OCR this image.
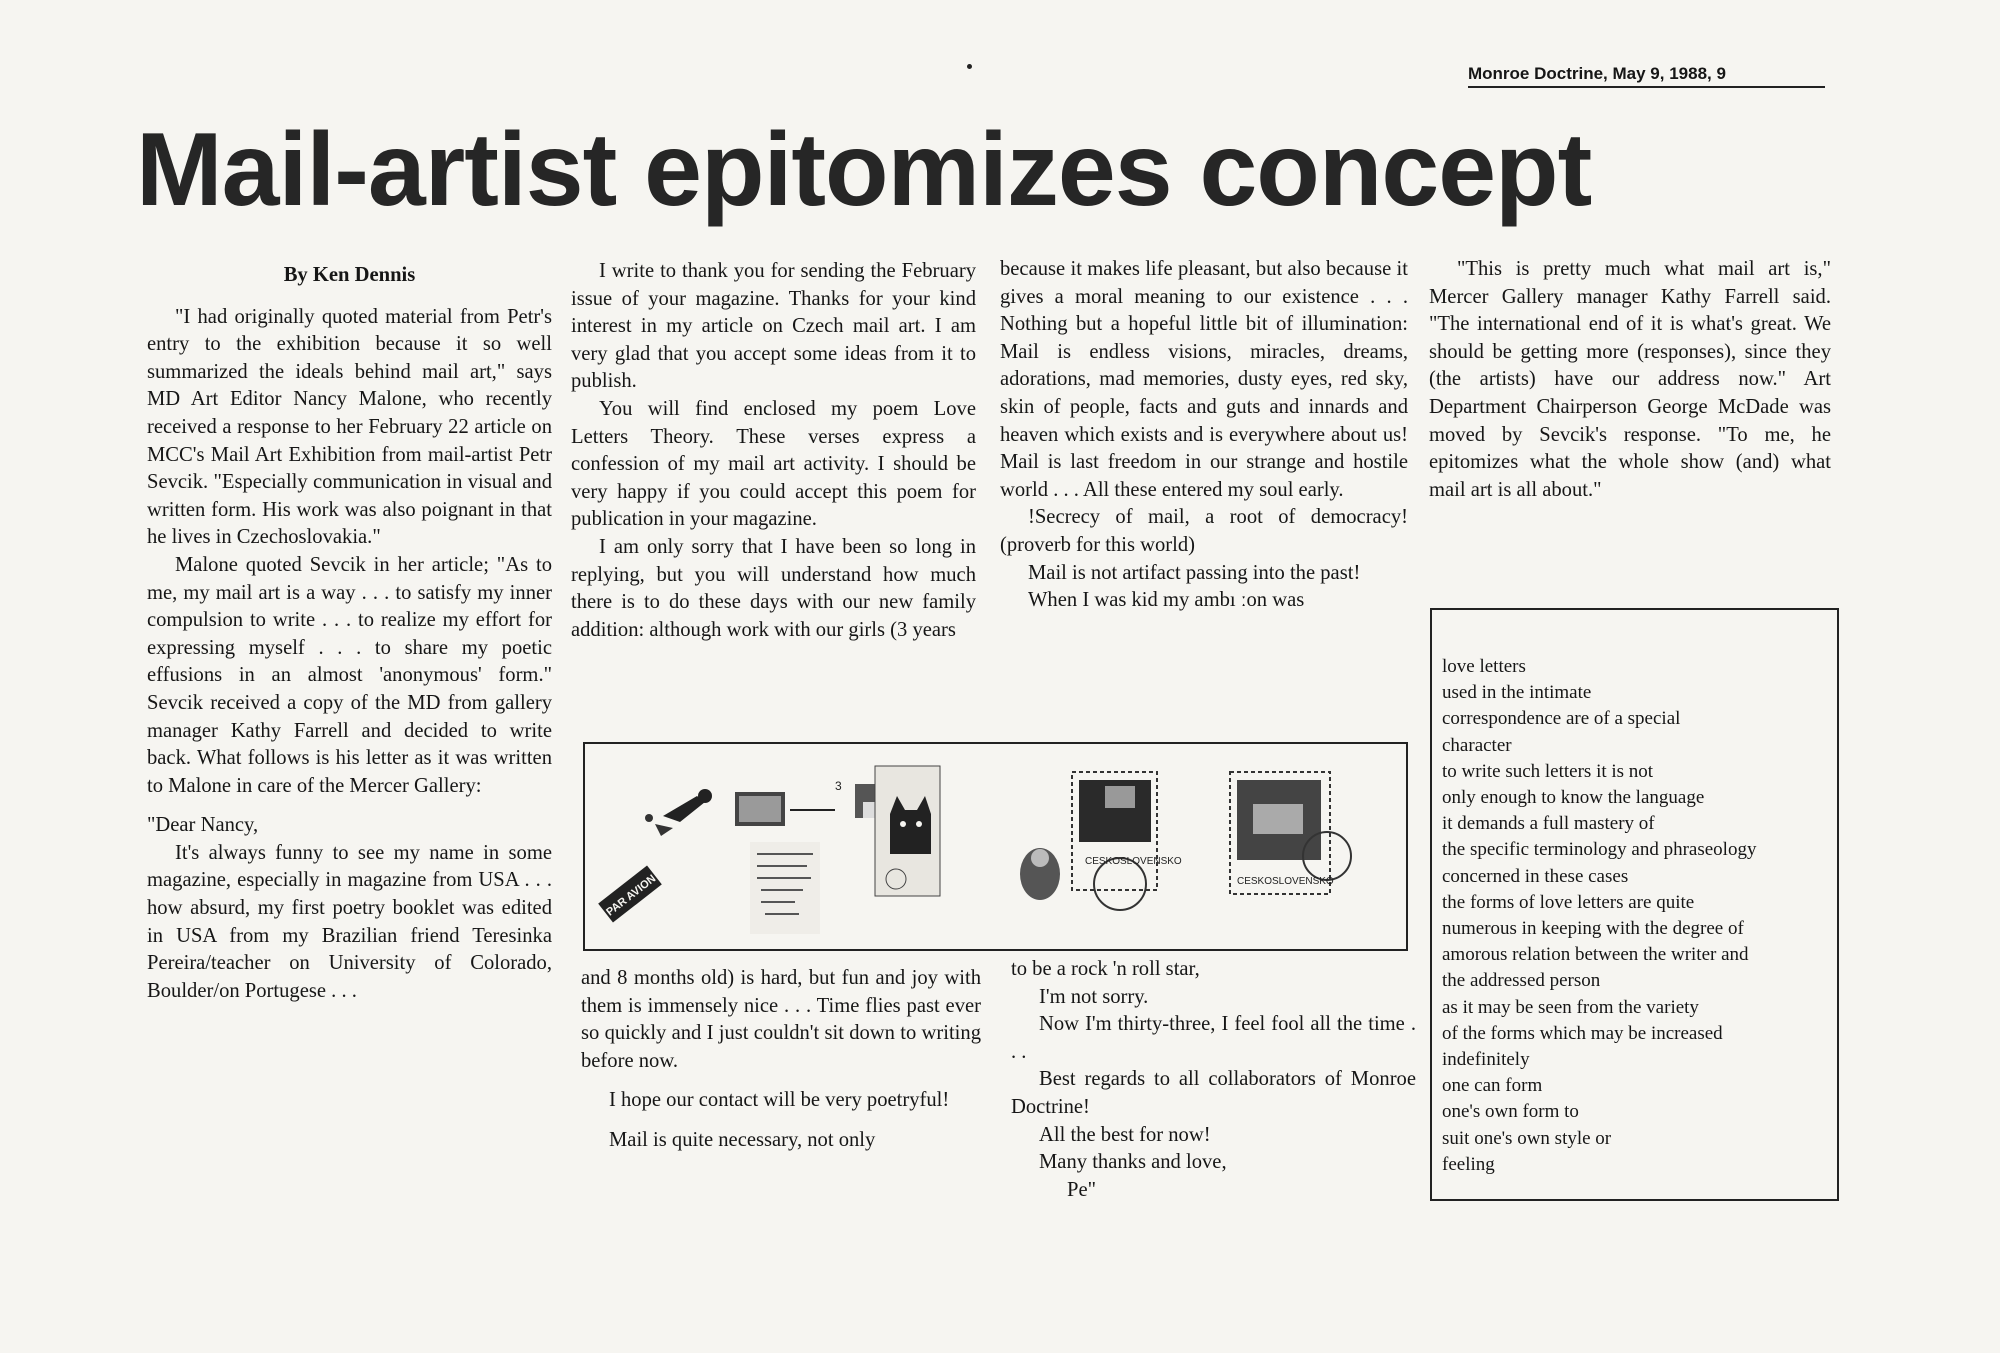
Monroe Doctrine, May 9, 1988, 9
Mail-artist epitomizes concept

By Ken Dennis

"I had originally quoted material from Petr's entry to the exhibition because it so well summarized the ideals behind mail art," says MD Art Editor Nancy Malone, who recently received a response to her February 22 article on MCC's Mail Art Exhibition from mail-artist Petr Sevcik. "Especially communication in visual and written form. His work was also poignant in that he lives in Czechoslovakia."

Malone quoted Sevcik in her article; "As to me, my mail art is a way . . . to satisfy my inner compulsion to write . . . to realize my effort for expressing myself . . . to share my poetic effusions in an almost 'anonymous' form." Sevcik received a copy of the MD from gallery manager Kathy Farrell and decided to write back. What follows is his letter as it was written to Malone in care of the Mercer Gallery:

"Dear Nancy,

It's always funny to see my name in some magazine, especially in magazine from USA . . . how absurd, my first poetry booklet was edited in USA from my Brazilian friend Teresinka Pereira/teacher on University of Colorado, Boulder/on Portugese . . .

I write to thank you for sending the February issue of your magazine. Thanks for your kind interest in my article on Czech mail art. I am very glad that you accept some ideas from it to publish.

You will find enclosed my poem Love Letters Theory. These verses express a confession of my mail art activity. I should be very happy if you could accept this poem for publication in your magazine.

I am only sorry that I have been so long in replying, but you will understand how much there is to do these days with our new family addition: although work with our girls (3 years

because it makes life pleasant, but also because it gives a moral meaning to our existence . . . Nothing but a hopeful little bit of illumination: Mail is endless visions, miracles, dreams, adorations, mad memories, dusty eyes, red sky, skin of people, facts and guts and innards and heaven which exists and is everywhere about us! Mail is last freedom in our strange and hostile world . . . All these entered my soul early.

!Secrecy of mail, a root of democracy! (proverb for this world)

Mail is not artifact passing into the past!

When I was kid my ambı ːon was

PAR AVION
3
CESKOSLOVENSKO
CESKOSLOVENSKO

and 8 months old) is hard, but fun and joy with them is immensely nice . . . Time flies past ever so quickly and I just couldn't sit down to writing before now.

I hope our contact will be very poetryful!

Mail is quite necessary, not only

to be a rock 'n roll star,

I'm not sorry.

Now I'm thirty-three, I feel fool all the time . . .

Best regards to all collaborators of Monroe Doctrine!

All the best for now!

Many thanks and love,

Pe"

"This is pretty much what mail art is," Mercer Gallery manager Kathy Farrell said. "The international end of it is what's great. We should be getting more (responses), since they (the artists) have our address now." Art Department Chairperson George McDade was moved by Sevcik's response. "To me, he epitomizes what the whole show (and) what mail art is all about."

love letters
used in the intimate
correspondence are of a special
character
to write such letters it is not
only enough to know the language
it demands a full mastery of
the specific terminology and phraseology
concerned in these cases
the forms of love letters are quite
numerous in keeping with the degree of
amorous relation between the writer and
the addressed person
as it may be seen from the variety
of the forms which may be increased
indefinitely
one can form
one's own form to
suit one's own style or
feeling
